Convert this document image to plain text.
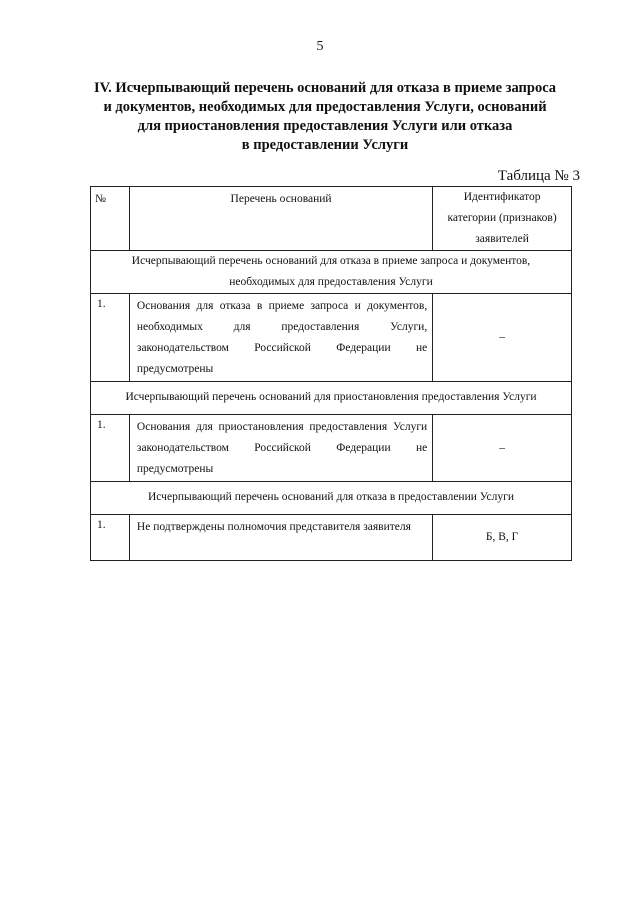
5
IV. Исчерпывающий перечень оснований для отказа в приеме запроса
и документов, необходимых для предоставления Услуги, оснований
для приостановления предоставления Услуги или отказа
в предоставлении Услуги
Таблица № 3
№	Перечень оснований	Идентификатор
категории (признаков)
заявителей

Исчерпывающий перечень оснований для отказа в приеме запроса и документов,
необходимых для предоставления Услуги		

1.	Основания для отказа в приеме запроса и документов, необходимых для предоставления Услуги, законодательством Российской Федерации не предусмотрены	–
Исчерпывающий перечень оснований для приостановления предоставления Услуги		
1.	Основания для приостановления предоставления Услуги законодательством Российской Федерации не предусмотрены	–
Исчерпывающий перечень оснований для отказа в предоставлении Услуги		
1.	Не подтверждены полномочия представителя заявителя	Б, В, Г
